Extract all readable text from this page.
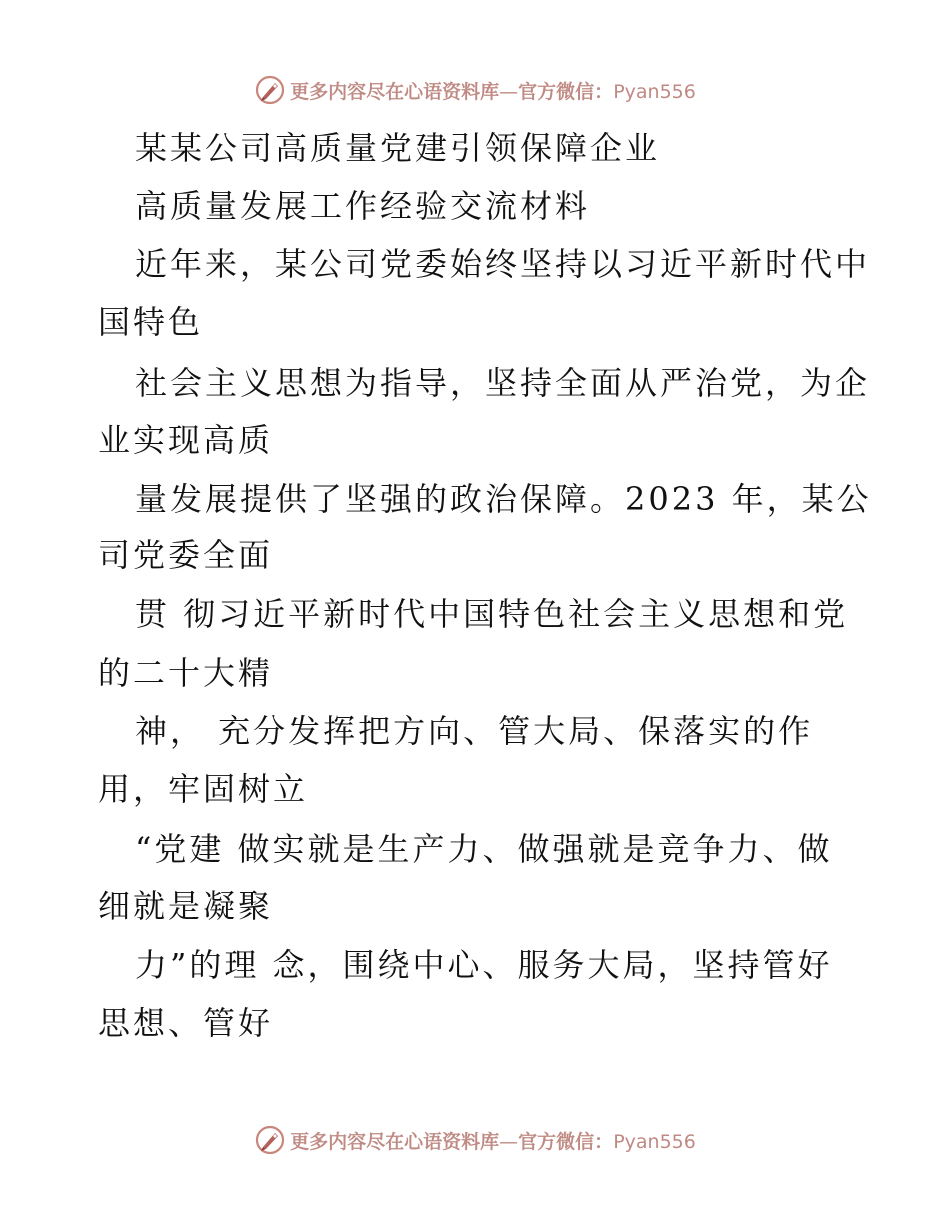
更多内容尽在心语资料库—官方微信：Pyan556
某某公司高质量党建引领保障企业
高质量发展工作经验交流材料
近年来，某公司党委始终坚持以习近平新时代中
国特色
社会主义思想为指导，坚持全面从严治党，为企
业实现高质
量发展提供了坚强的政治保障。2023 年，某公
司党委全面
贯 彻习近平新时代中国特色社会主义思想和党
的二十大精
神， 充分发挥把方向、管大局、保落实的作
用，牢固树立
“党建 做实就是生产力、做强就是竞争力、做
细就是凝聚
力”的理 念，围绕中心、服务大局，坚持管好
思想、管好
更多内容尽在心语资料库—官方微信：Pyan556
